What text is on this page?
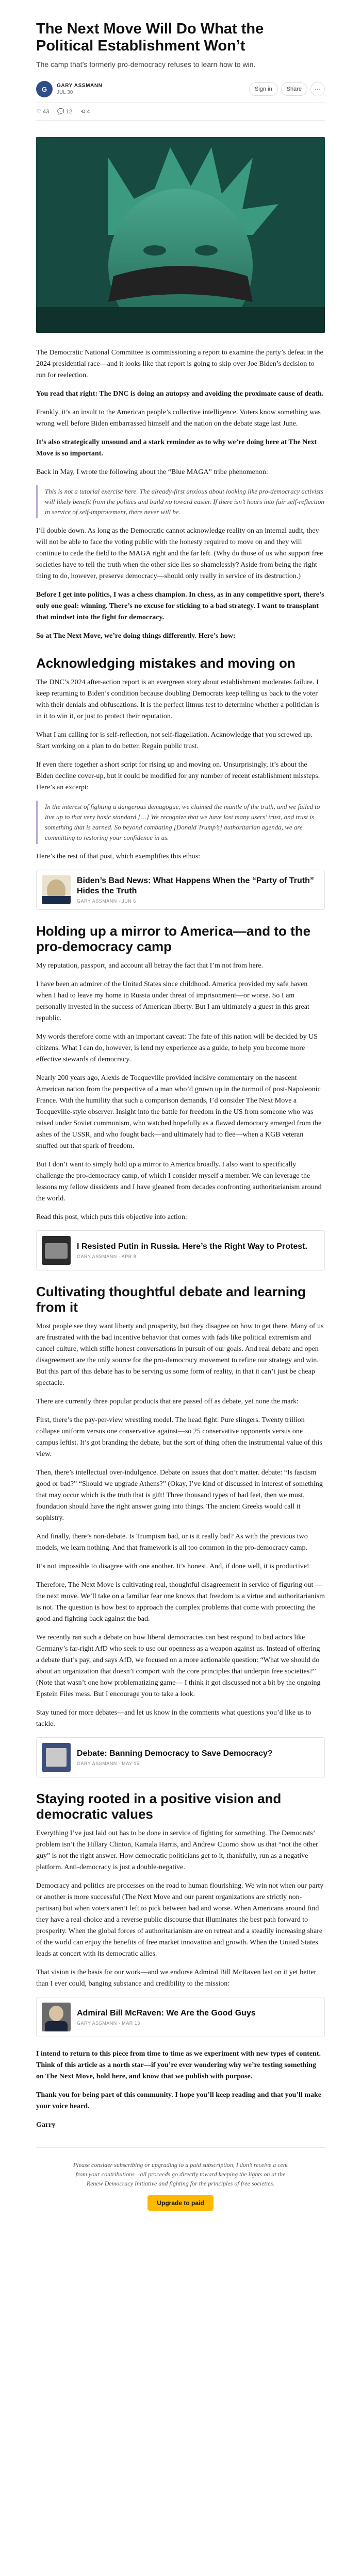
The Next Move Will Do What the Political Establishment Won’t
The camp that’s formerly pro-democracy refuses to learn how to win.
G	GARY ASSMANN
JUL 30
Sign in	Share	⋯
♡ 43 💬 12 ⟲ 4

The Democratic National Committee is commissioning a report to examine the party’s defeat in the 2024 presidential race—and it looks like that report is going to skip over Joe Biden’s decision to run for reelection.

You read that right: The DNC is doing an autopsy and avoiding the proximate cause of death.

Frankly, it’s an insult to the American people’s collective intelligence. Voters know something was wrong well before Biden embarrassed himself and the nation on the debate stage last June.

It’s also strategically unsound and a stark reminder as to why we’re doing here at The Next Move is so important.

Back in May, I wrote the following about the “Blue MAGA” tribe phenomenon:

This is not a tutorial exercise here. The already-first anxious about looking like pro-democracy activists will likely benefit from the politics and build no toward easier. If there isn’t hours into fair self-reflection in service of self-improvement, there never will be.

I’ll double down. As long as the Democratic cannot acknowledge reality on an internal audit, they will not be able to face the voting public with the honesty required to move on and they will continue to cede the field to the MAGA right and the far left. (Why do those of us who support free societies have to tell the truth when the other side lies so shamelessly? Aside from being the right thing to do, however, preserve democracy—should only really in service of its destruction.)

Before I get into politics, I was a chess champion. In chess, as in any competitive sport, there’s only one goal: winning. There’s no excuse for sticking to a bad strategy. I want to transplant that mindset into the fight for democracy.

So at The Next Move, we’re doing things differently. Here’s how:

Acknowledging mistakes and moving on

The DNC’s 2024 after-action report is an evergreen story about establishment moderates failure. I keep returning to Biden’s condition because doubling Democrats keep telling us back to the voter with their denials and obfuscations. It is the perfect litmus test to determine whether a politician is in it to win it, or just to protect their reputation.

What I am calling for is self-reflection, not self-flagellation. Acknowledge that you screwed up. Start working on a plan to do better. Regain public trust.

If even there together a short script for rising up and moving on. Unsurprisingly, it’s about the Biden decline cover-up, but it could be modified for any number of recent establishment missteps. Here’s an excerpt:

In the interest of fighting a dangerous demagogue, we claimed the mantle of the truth, and we failed to live up to that very basic standard […] We recognize that we have lost many users’ trust, and trust is something that is earned. So beyond combating [Donald Trump’s] authoritarian agenda, we are committing to restoring your confidence in us.

Here’s the rest of that post, which exemplifies this ethos:

Biden’s Bad News: What Happens When the “Party of Truth” Hides the Truth
GARY ASSMANN · JUN 6
Holding up a mirror to America—and to the pro-democracy camp

My reputation, passport, and account all betray the fact that I’m not from here.

I have been an admirer of the United States since childhood. America provided my safe haven when I had to leave my home in Russia under threat of imprisonment—or worse. So I am personally invested in the success of American liberty. But I am ultimately a guest in this great republic.

My words therefore come with an important caveat: The fate of this nation will be decided by US citizens. What I can do, however, is lend my experience as a guide, to help you become more effective stewards of democracy.

Nearly 200 years ago, Alexis de Tocqueville provided incisive commentary on the nascent American nation from the perspective of a man who’d grown up in the turmoil of post-Napoleonic France. With the humility that such a comparison demands, I’d consider The Next Move a Tocqueville-style observer. Insight into the battle for freedom in the US from someone who was raised under Soviet communism, who watched hopefully as a flawed democracy emerged from the ashes of the USSR, and who fought back—and ultimately had to flee—when a KGB veteran snuffed out that spark of freedom.

But I don’t want to simply hold up a mirror to America broadly. I also want to specifically challenge the pro-democracy camp, of which I consider myself a member. We can leverage the lessons my fellow dissidents and I have gleaned from decades confronting authoritarianism around the world.

Read this post, which puts this objective into action:

I Resisted Putin in Russia. Here’s the Right Way to Protest.
GARY ASSMANN · APR 8
Cultivating thoughtful debate and learning from it

Most people see they want liberty and prosperity, but they disagree on how to get there. Many of us are frustrated with the bad incentive behavior that comes with fads like political extremism and cancel culture, which stifle honest conversations in pursuit of our goals. And real debate and open disagreement are the only source for the pro-democracy movement to refine our strategy and win. But this part of this debate has to be serving us some form of reality, in that it can’t just be cheap spectacle.

There are currently three popular products that are passed off as debate, yet none the mark:

First, there’s the pay-per-view wrestling model. The head fight. Pure slingers. Twenty trillion collapse uniform versus one conservative against—so 25 conservative opponents versus one campus leftist. It’s got branding the debate, but the sort of thing often the instrumental value of this view.

Then, there’s intellectual over-indulgence. Debate on issues that don’t matter. debate: “Is fascism good or bad?” “Should we upgrade Athens?” (Okay, I’ve kind of discussed in interest of something that may occur which is the truth that is gift! Three thousand types of bad feet, then we must, foundation should have the right answer going into things. The ancient Greeks would call it sophistry.

And finally, there’s non-debate. Is Trumpism bad, or is it really bad? As with the previous two models, we learn nothing. And that framework is all too common in the pro-democracy camp.

It’s not impossible to disagree with one another. It’s honest. And, if done well, it is productive!

Therefore, The Next Move is cultivating real, thoughtful disagreement in service of figuring out — the next move. We’ll take on a familiar fear one knows that freedom is a virtue and authoritarianism is not. The question is how best to approach the complex problems that come with protecting the good and fighting back against the bad.

We recently ran such a debate on how liberal democracies can best respond to bad actors like Germany’s far-right AfD who seek to use our openness as a weapon against us. Instead of offering a debate that’s pay, and says AfD, we focused on a more actionable question: “What we should do about an organization that doesn’t comport with the core principles that underpin free societies?” (Note that wasn’t one how problematizing game— I think it got discussed not a bit by the ongoing Epstein Files mess. But I encourage you to take a look.

Stay tuned for more debates—and let us know in the comments what questions you’d like us to tackle.

Debate: Banning Democracy to Save Democracy?
GARY ASSMANN · MAY 15
Staying rooted in a positive vision and democratic values

Everything I’ve just laid out has to be done in service of fighting for something. The Democrats’ problem isn’t the Hillary Clinton, Kamala Harris, and Andrew Cuomo show us that “not the other guy” is not the right answer. How democratic politicians get to it, thankfully, run as a negative platform. Anti-democracy is just a double-negative.

Democracy and politics are processes on the road to human flourishing. We win not when our party or another is more successful (The Next Move and our parent organizations are strictly non-partisan) but when voters aren’t left to pick between bad and worse. When Americans around find they have a real choice and a reverse public discourse that illuminates the best path forward to prosperity. When the global forces of authoritarianism are on retreat and a steadily increasing share of the world can enjoy the benefits of free market innovation and growth. When the United States leads at concert with its democratic allies.

That vision is the basis for our work—and we endorse Admiral Bill McRaven last on it yet better than I ever could, banging substance and credibility to the mission:

Admiral Bill McRaven: We Are the Good Guys
GARY ASSMANN · MAR 13

I intend to return to this piece from time to time as we experiment with new types of content. Think of this article as a north star—if you’re ever wondering why we’re testing something on The Next Move, hold here, and know that we publish with purpose.

Thank you for being part of this community. I hope you’ll keep reading and that you’ll make your voice heard.

Garry

Please consider subscribing or upgrading to a paid subscription, I don’t receive a cent from your contributions—all proceeds go directly toward keeping the lights on at the Renew Democracy Initiative and fighting for the principles of free societies.
Upgrade to paid
